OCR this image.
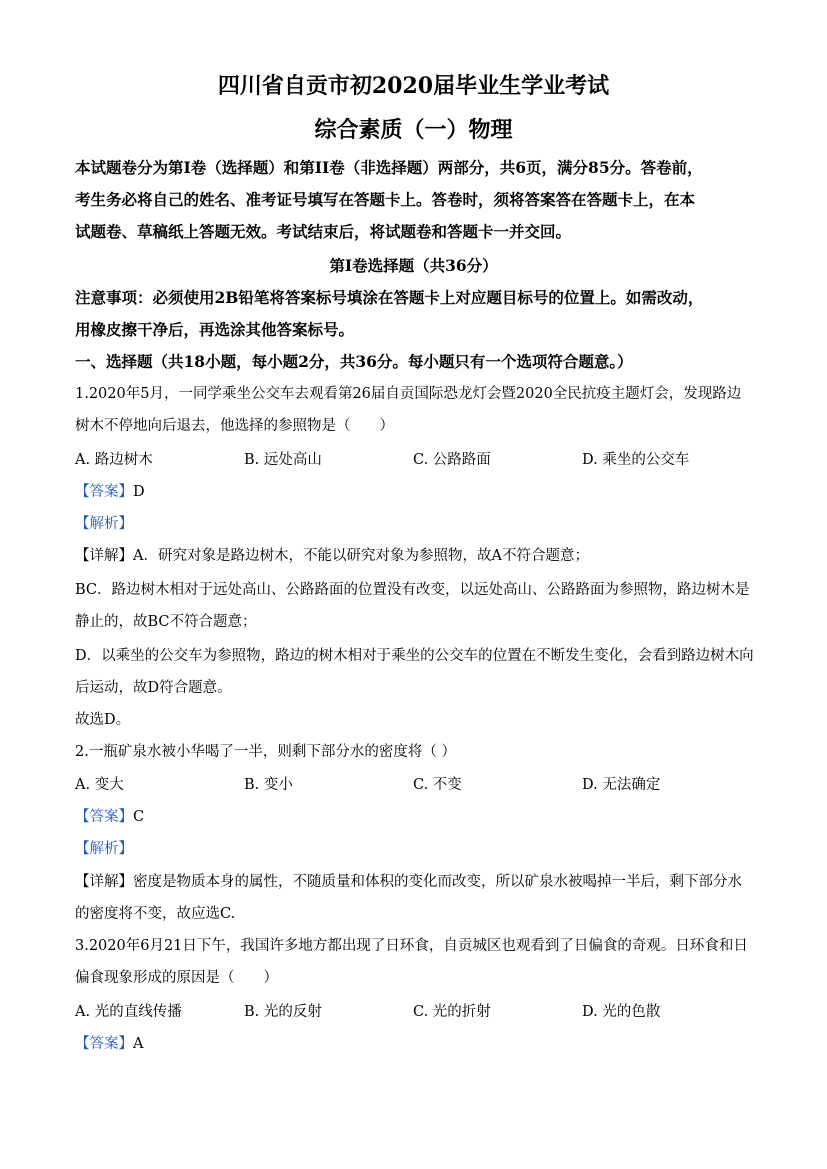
四川省自贡市初2020届毕业生学业考试
综合素质（一）物理
本试题卷分为第I卷（选择题）和第II卷（非选择题）两部分，共6页，满分85分。答卷前，
考生务必将自己的姓名、准考证号填写在答题卡上。答卷时，须将答案答在答题卡上，在本
试题卷、草稿纸上答题无效。考试结束后，将试题卷和答题卡一并交回。
第I卷选择题（共36分）
注意事项：必须使用2B铅笔将答案标号填涂在答题卡上对应题目标号的位置上。如需改动，
用橡皮擦干净后，再选涂其他答案标号。
一、选择题（共18小题，每小题2分，共36分。每小题只有一个选项符合题意。）
1.2020年5月，一同学乘坐公交车去观看第26届自贡国际恐龙灯会暨2020全民抗疫主题灯会，发现路边
树木不停地向后退去，他选择的参照物是（　　）
A. 路边树木	B. 远处高山	C. 公路路面	D. 乘坐的公交车
【答案】D
【解析】
【详解】A．研究对象是路边树木，不能以研究对象为参照物，故A不符合题意；
BC．路边树木相对于远处高山、公路路面的位置没有改变，以远处高山、公路路面为参照物，路边树木是
静止的，故BC不符合题意；
D．以乘坐的公交车为参照物，路边的树木相对于乘坐的公交车的位置在不断发生变化，会看到路边树木向
后运动，故D符合题意。
故选D。
2.一瓶矿泉水被小华喝了一半，则剩下部分水的密度将（ ）
A. 变大	B. 变小	C. 不变	D. 无法确定
【答案】C
【解析】
【详解】密度是物质本身的属性，不随质量和体积的变化而改变，所以矿泉水被喝掉一半后，剩下部分水
的密度将不变，故应选C.
3.2020年6月21日下午，我国许多地方都出现了日环食，自贡城区也观看到了日偏食的奇观。日环食和日
偏食现象形成的原因是（　　）
A. 光的直线传播	B. 光的反射	C. 光的折射	D. 光的色散
【答案】A
